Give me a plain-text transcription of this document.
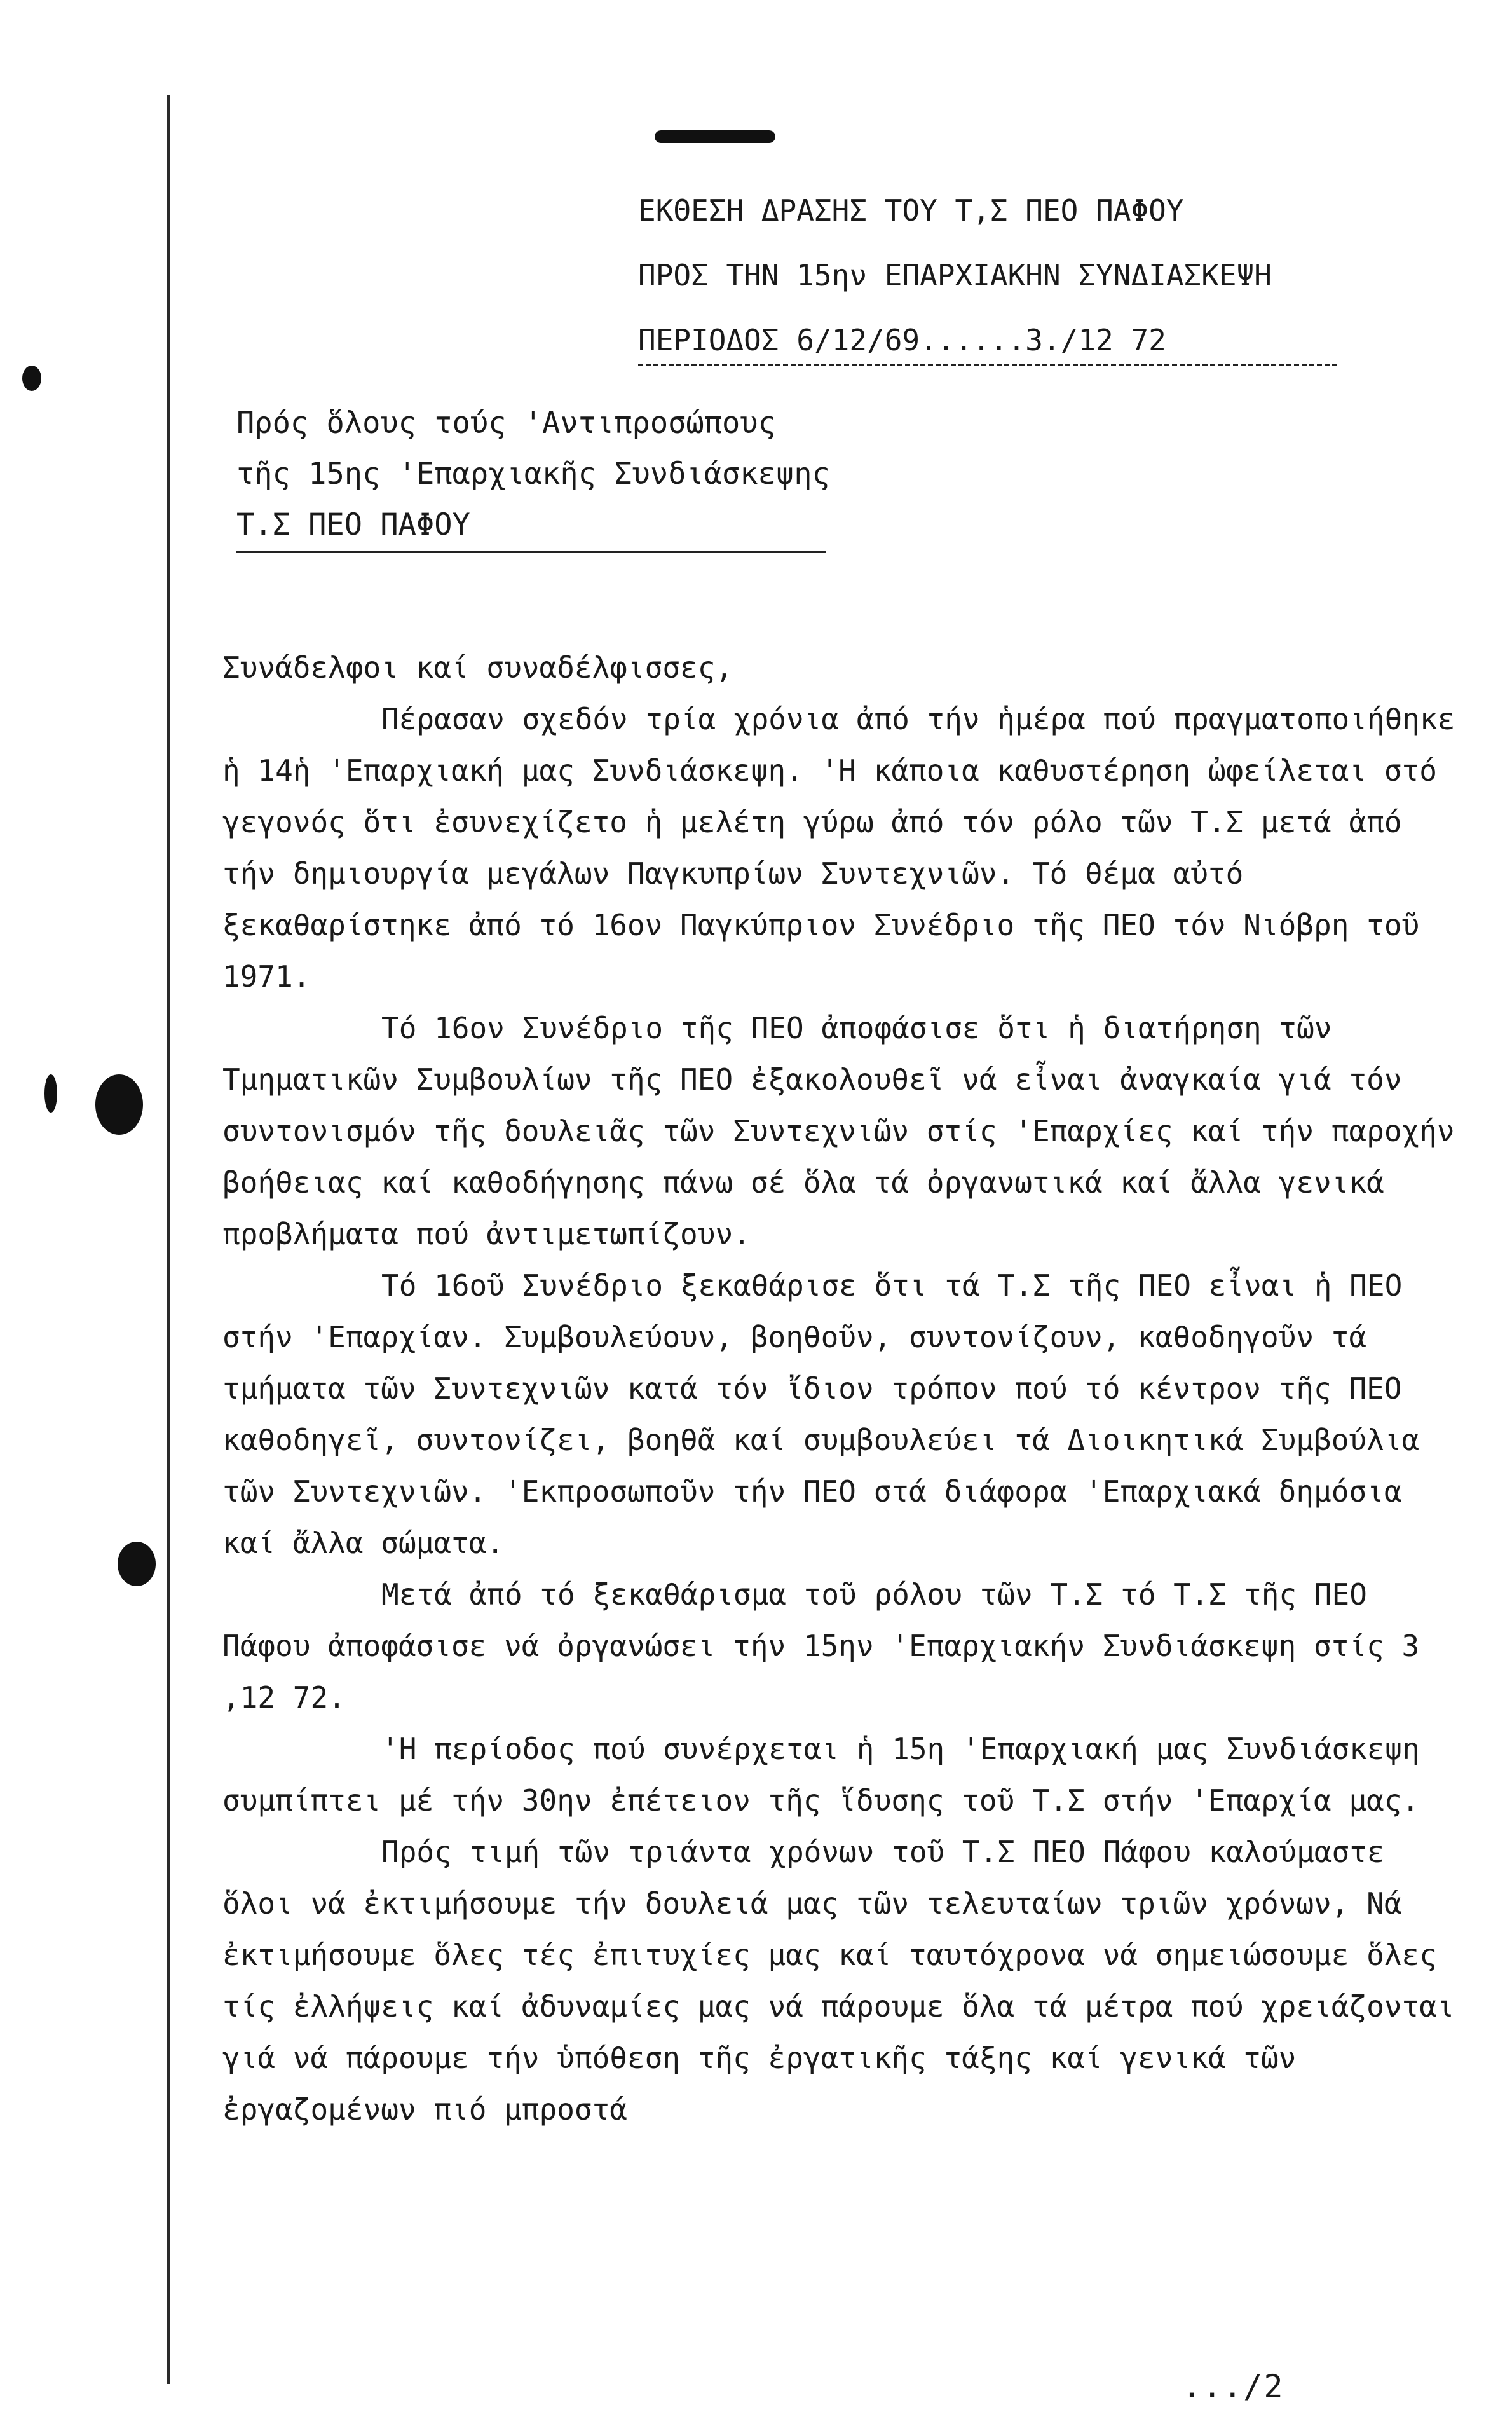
ΕΚΘΕΣΗ ΔΡΑΣΗΣ ΤΟΥ Τ,Σ ΠΕΟ ΠΑΦΟΥ
ΠΡΟΣ ΤΗΝ 15ην ΕΠΑΡΧΙΑΚΗΝ ΣΥΝΔΙΑΣΚΕΨΗ
ΠΕΡΙΟΔΟΣ 6/12/69......3./12 72
Πρός ὅλους τούς 'Αντιπροσώπους
τῆς 15ης 'Επαρχιακῆς Συνδιάσκεψης
Τ.Σ ΠΕΟ ΠΑΦΟΥ

Συνάδελφοι καί συναδέλφισσες,

Πέρασαν σχεδόν τρία χρόνια ἀπό τήν ἡμέρα πού πραγματοποιήθηκε ἡ 14ἡ 'Επαρχιακή μας Συνδιάσκεψη. 'Η κάποια καθυστέρηση ὠφείλεται στό γεγονός ὅτι ἐσυνεχίζετο ἡ μελέτη γύρω ἀπό τόν ρόλο τῶν Τ.Σ μετά ἀπό τήν δημιουργία μεγάλων Παγκυπρίων Συντεχνιῶν. Τό θέμα αὐτό ξεκαθαρίστηκε ἀπό τό 16ον Παγκύπριον Συνέδριο τῆς ΠΕΟ τόν Νιόβρη τοῦ 1971.

Τό 16ον Συνέδριο τῆς ΠΕΟ ἀποφάσισε ὅτι ἡ διατήρηση τῶν Τμηματικῶν Συμβουλίων τῆς ΠΕΟ ἐξακολουθεῖ νά εἶναι ἀναγκαία γιά τόν συντονισμόν τῆς δουλειᾶς τῶν Συντεχνιῶν στίς 'Επαρχίες καί τήν παροχήν βοήθειας καί καθοδήγησης πάνω σέ ὅλα τά ὀργανωτικά καί ἄλλα γενικά προβλήματα πού ἀντιμετωπίζουν.

Τό 16οῦ Συνέδριο ξεκαθάρισε ὅτι τά Τ.Σ τῆς ΠΕΟ εἶναι ἡ ΠΕΟ στήν 'Επαρχίαν. Συμβουλεύουν, βοηθοῦν, συντονίζουν, καθοδηγοῦν τά τμήματα τῶν Συντεχνιῶν κατά τόν ἴδιον τρόπον πού τό κέντρον τῆς ΠΕΟ καθοδηγεῖ, συντονίζει, βοηθᾶ καί συμβουλεύει τά Διοικητικά Συμβούλια τῶν Συντεχνιῶν. 'Εκπροσωποῦν τήν ΠΕΟ στά διάφορα 'Επαρχιακά δημόσια καί ἄλλα σώματα.

Μετά ἀπό τό ξεκαθάρισμα τοῦ ρόλου τῶν Τ.Σ τό Τ.Σ τῆς ΠΕΟ Πάφου ἀπoφάσισε νά ὀργανώσει τήν 15ην 'Επαρχιακήν Συνδιάσκεψη στίς 3 ,12 72.

'Η περίοδος πού συνέρχεται ἡ 15η 'Επαρχιακή μας Συνδιάσκεψη συμπίπτει μέ τήν 30ην ἐπέτειον τῆς ἵδυσης τοῦ Τ.Σ στήν 'Επαρχία μας.

Πρός τιμή τῶν τριάντα χρόνων τοῦ Τ.Σ ΠΕΟ Πάφου καλούμαστε ὅλοι νά ἐκτιμήσουμε τήν δουλειά μας τῶν τελευταίων τριῶν χρόνων, Νά ἐκτιμήσουμε ὅλες τές ἐπιτυχίες μας καί ταυτόχρονα νά σημειώσουμε ὅλες τίς ἐλλήψεις καί ἀδυναμίες μας νά πάρουμε ὅλα τά μέτρα πού χρειάζονται γιά νά πάρουμε τήν ὑπόθεση τῆς ἐργατικῆς τάξης καί γενικά τῶν ἐργαζομένων πιό μπροστά

.../2
